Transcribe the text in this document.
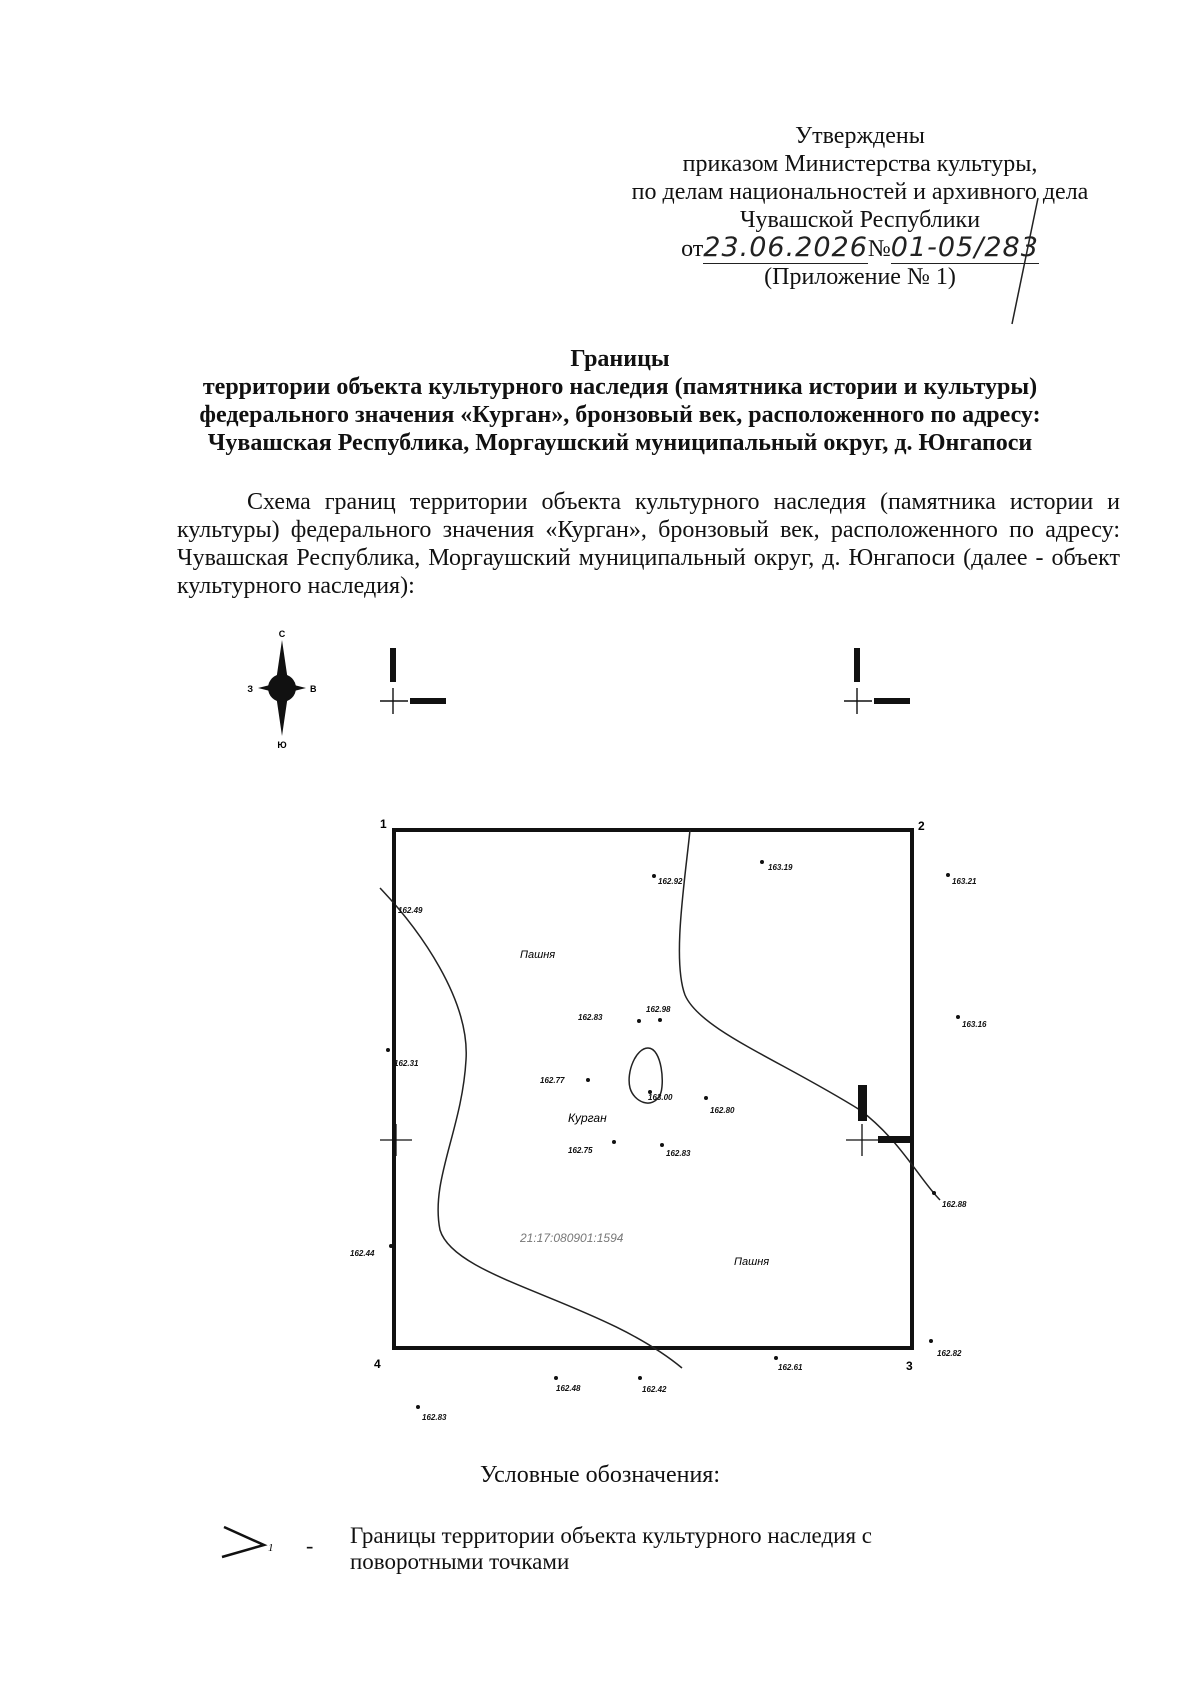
Утверждены
приказом Министерства культуры,
по делам национальностей и архивного дела
Чувашской Республики
от23.06.2026№01-05/283
(Приложение № 1)
Границы
территории объекта культурного наследия (памятника истории и культуры)
федерального значения «Курган», бронзовый век, расположенного по адресу:
Чувашская Республика, Моргаушский муниципальный округ, д. Юнгапоси
Схема границ территории объекта культурного наследия (памятника истории и культуры) федерального значения «Курган», бронзовый век, расположенного по адресу: Чувашская Республика, Моргаушский муниципальный округ, д. Юнгапоси (далее - объект культурного наследия):
С
Ю
З	В
1	2
3
4
Пашня
Пашня
Курган
21:17:080901:1594
163.19
162.92	163.21
162.49
162.83
162.98
163.16
162.31
162.77
163.00
162.80
162.75	162.83
162.88
162.44
162.48	162.42
162.61
162.82
162.83
Условные обозначения:
1 - Границы территории объекта культурного наследия с поворотными точками
